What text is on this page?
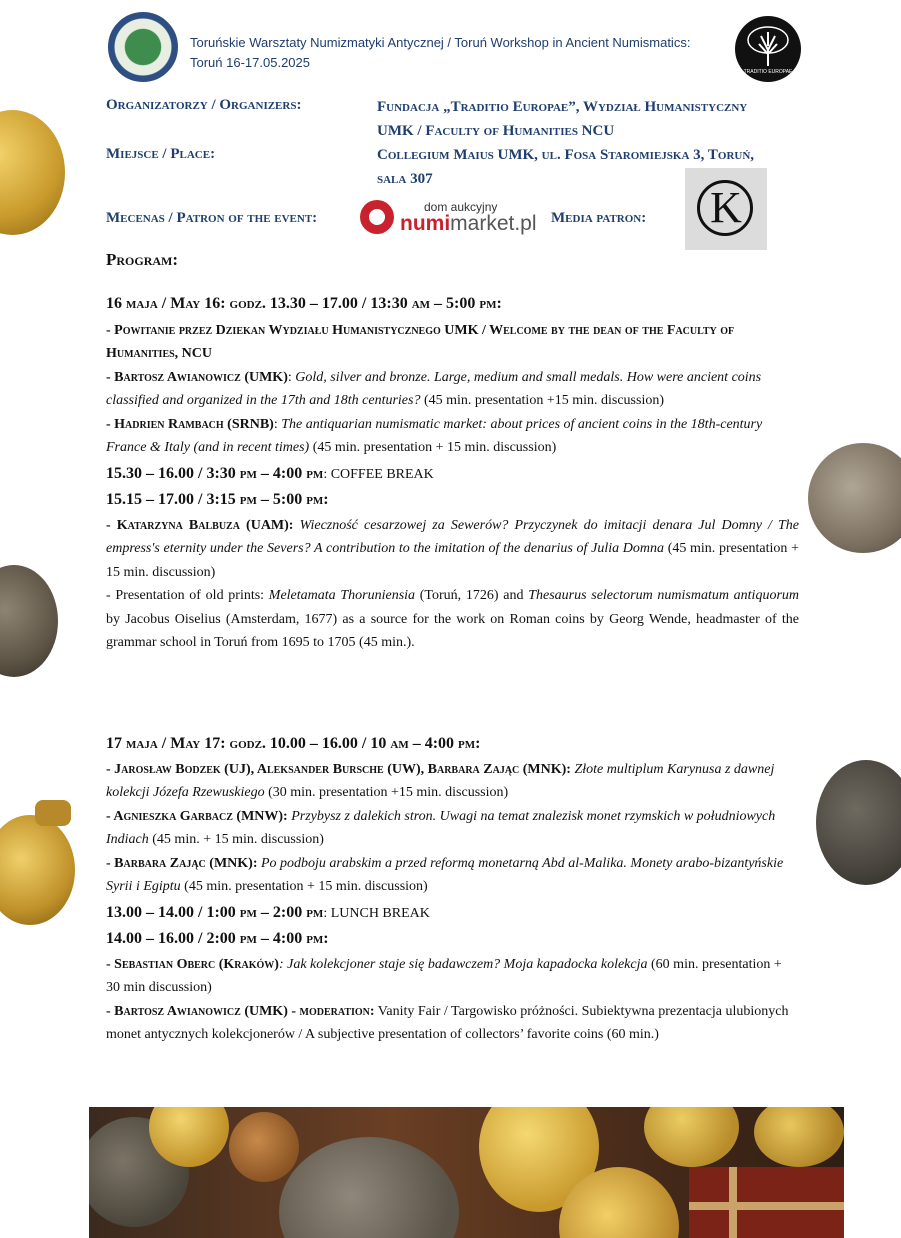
Toruńskie Warsztaty Numizmatyki Antycznej / Toruń Workshop in Ancient Numismatics:
Toruń 16-17.05.2025
TRADITIO EUROPAE
Organizatorzy / Organizers:	Fundacja „Traditio Europae”, Wydział Humanistyczny
UMK / Faculty of Humanities NCU
Miejsce / Place:	Collegium Maius UMK, ul. Fosa Staromiejska 3, Toruń,
sala 307
Mecenas / Patron of the event:
dom aukcyjny
numimarket.pl Media patron:	K
Program:

16 maja / May 16: godz. 13.30 – 17.00 / 13:30 am – 5:00 pm:

- Powitanie przez Dziekan Wydziału Humanistycznego UMK / Welcome by the dean of the Faculty of Humanities, NCU

- Bartosz Awianowicz (UMK): Gold, silver and bronze. Large, medium and small medals. How were ancient coins classified and organized in the 17th and 18th centuries? (45 min. presentation +15 min. discussion)

- Hadrien Rambach (SRNB): The antiquarian numismatic market: about prices of ancient coins in the 18th-century France & Italy (and in recent times) (45 min. presentation + 15 min. discussion)

15.30 – 16.00 / 3:30 pm – 4:00 pm: COFFEE BREAK

15.15 – 17.00 / 3:15 pm – 5:00 pm:

- Katarzyna Balbuza (UAM): Wieczność cesarzowej za Sewerów? Przyczynek do imitacji denara Jul Domny / The empress's eternity under the Severs? A contribution to the imitation of the denarius of Julia Domna (45 min. presentation + 15 min. discussion)

- Presentation of old prints: Meletamata Thoruniensia (Toruń, 1726) and Thesaurus selectorum numismatum antiquorum by Jacobus Oiselius (Amsterdam, 1677) as a source for the work on Roman coins by Georg Wende, headmaster of the grammar school in Toruń from 1695 to 1705 (45 min.).

17 maja / May 17: godz. 10.00 – 16.00 / 10 am – 4:00 pm:

- Jarosław Bodzek (UJ), Aleksander Bursche (UW), Barbara Zając (MNK): Złote multiplum Karynusa z dawnej kolekcji Józefa Rzewuskiego (30 min. presentation +15 min. discussion)

- Agnieszka Garbacz (MNW): Przybysz z dalekich stron. Uwagi na temat znalezisk monet rzymskich w południowych Indiach (45 min. + 15 min. discussion)

- Barbara Zając (MNK): Po podboju arabskim a przed reformą monetarną Abd al-Malika. Monety arabo-bizantyńskie Syrii i Egiptu (45 min. presentation + 15 min. discussion)

13.00 – 14.00 / 1:00 pm – 2:00 pm: LUNCH BREAK

14.00 – 16.00 / 2:00 pm – 4:00 pm:

- Sebastian Oberc (Kraków): Jak kolekcjoner staje się badawczem? Moja kapadocka kolekcja (60 min. presentation + 30 min discussion)

- Bartosz Awianowicz (UMK) - moderation: Vanity Fair / Targowisko próżności. Subiektywna prezentacja ulubionych monet antycznych kolekcjonerów / A subjective presentation of collectors’ favorite coins (60 min.)
